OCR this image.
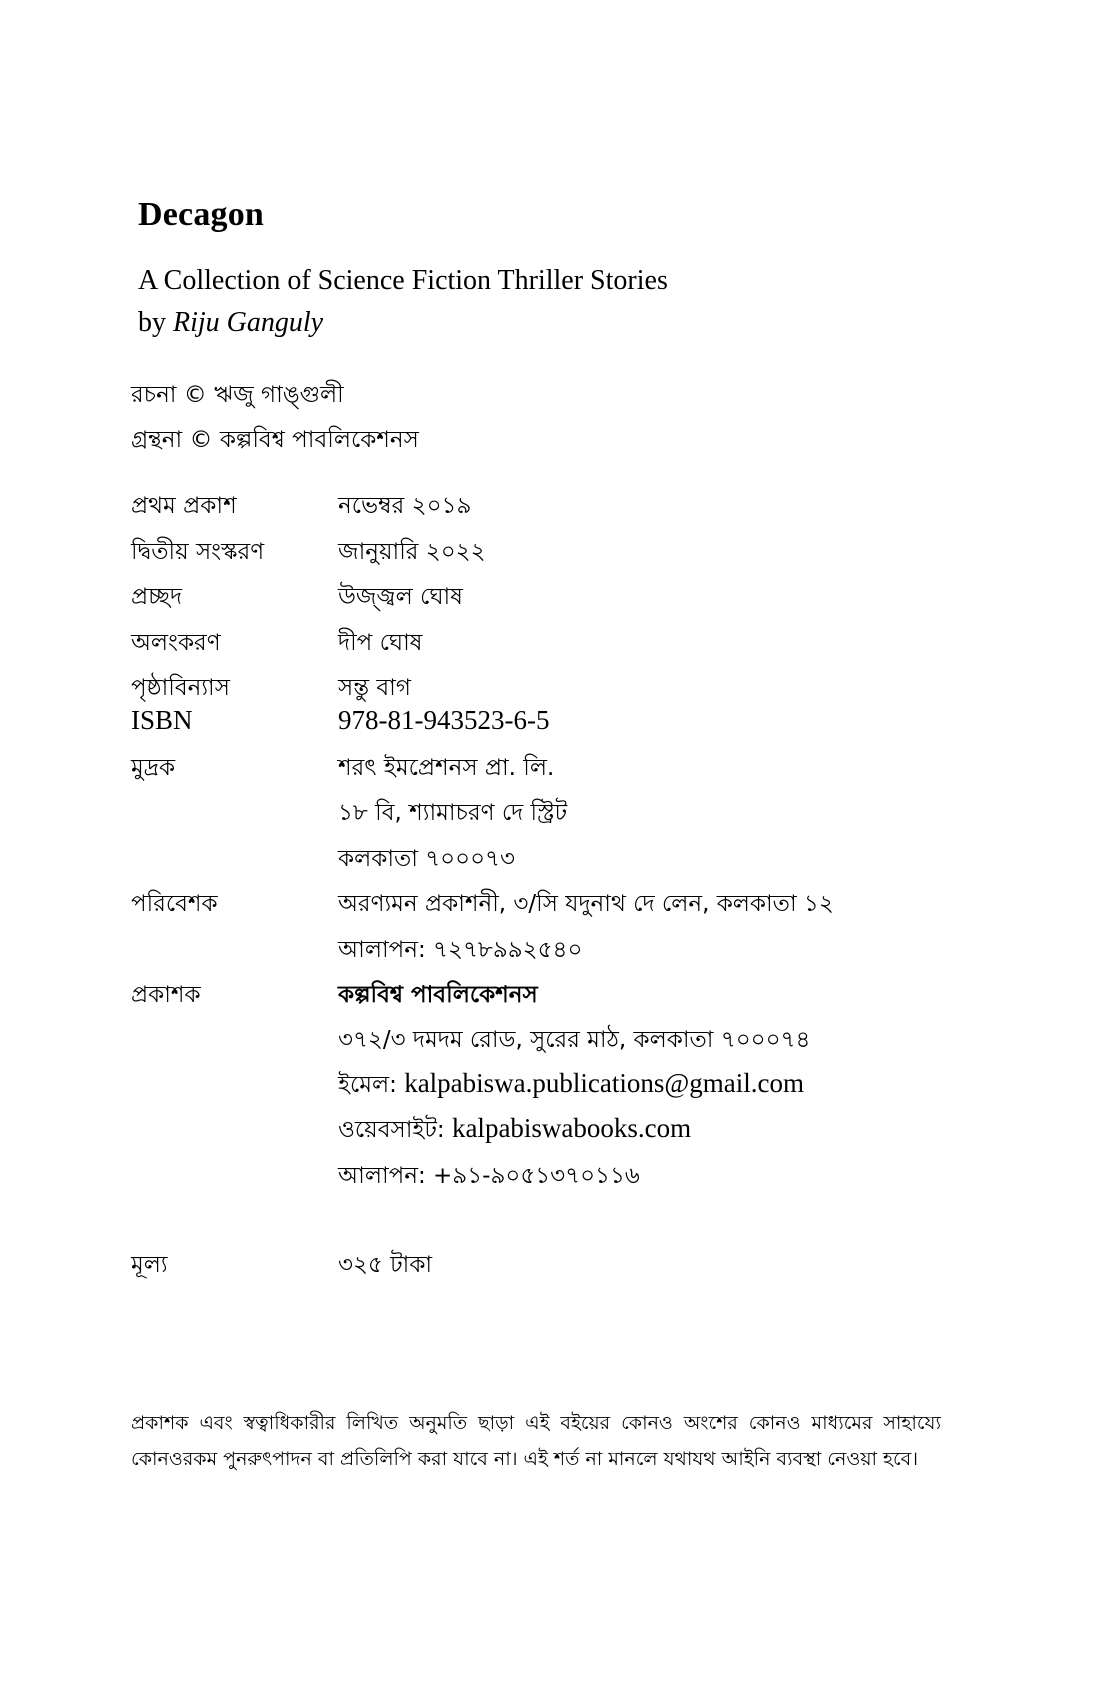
Decagon
A Collection of Science Fiction Thriller Stories
by Riju Ganguly
রচনা © ঋজু গাঙ্গুলী
গ্রন্থনা © কল্পবিশ্ব পাবলিকেশনস
প্রথম প্রকাশ	নভেম্বর ২০১৯
দ্বিতীয় সংস্করণ	জানুয়ারি ২০২২
প্রচ্ছদ	উজ্জ্বল ঘোষ
অলংকরণ	দীপ ঘোষ
পৃষ্ঠাবিন্যাস	সন্তু বাগ
ISBN	978-81-943523-6-5
মুদ্রক	শরৎ ইমপ্রেশনস প্রা. লি.
১৮ বি, শ্যামাচরণ দে স্ট্রিট
কলকাতা ৭০০০৭৩
পরিবেশক	অরণ্যমন প্রকাশনী, ৩/সি যদুনাথ দে লেন, কলকাতা ১২
আলাপন: ৭২৭৮৯৯২৫৪০
প্রকাশক	কল্পবিশ্ব পাবলিকেশনস
৩৭২/৩ দমদম রোড, সুরের মাঠ, কলকাতা ৭০০০৭৪
ইমেল: kalpabiswa.publications@gmail.com
ওয়েবসাইট: kalpabiswabooks.com
আলাপন: +৯১-৯০৫১৩৭০১১৬
মূল্য	৩২৫ টাকা
প্রকাশক এবং স্বত্বাধিকারীর লিখিত অনুমতি ছাড়া এই বইয়ের কোনও অংশের কোনও মাধ্যমের সাহায্যে কোনওরকম পুনরুৎপাদন বা প্রতিলিপি করা যাবে না। এই শর্ত না মানলে যথাযথ আইনি ব্যবস্থা নেওয়া হবে।
